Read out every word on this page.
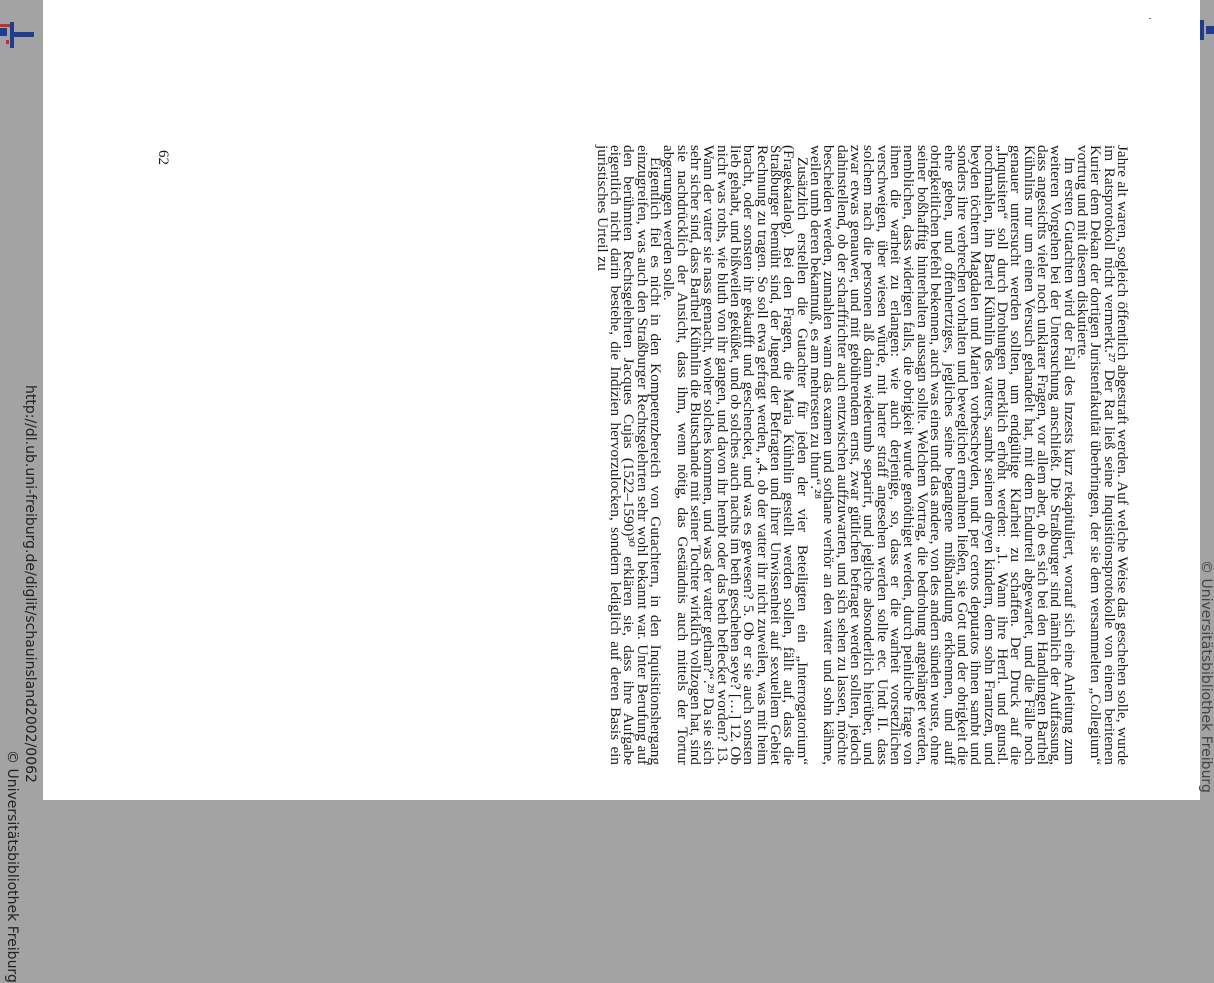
http://dl.ub.uni-freiburg.de/diglit/schauinsland2002/0062
© Universitätsbibliothek Freiburg

Jahre alt waren, sogleich öffentlich abgestraft werden. Auf welche Weise das geschehen solle, wurde im Ratsprotokoll nicht vermerkt.²⁷ Der Rat ließ seine Inquisitionsprotokolle von einem beritenen Kurier dem Dekan der dortigen Juristenfakultät überbringen, der sie dem versammelten „Collegium“ vortrug und mit diesem diskutierte.

Im ersten Gutachten wird der Fall des Inzests kurz rekapituliert, worauf sich eine Anleitung zum weiteren Vorgehen bei der Untersuchung anschließt. Die Straßburger sind nämlich der Auffassung, dass angesichts vieler noch unklarer Fragen, vor allem aber, ob es sich bei den Handlungen Barthel Kühnlins nur um einen Versuch gehandelt hat, mit dem Endurteil abgewartet, und die Fälle noch genauer untersucht werden sollten, um endgültige Klarheit zu schaffen. Der Druck auf die „Inquisiten“ soll durch Drohungen merklich erhöht werden: „1. Wann ihre Herrl. und gunstl. nochmahlen, ihn Bartel Kühnlin des vatters, sambt seinen dreyen kindern, dem sohn Frantzen, und beyden töchtern Magdalen und Marien vorbescheyden, undt per certos deputatos ihnen sambt und sonders ihre verbrechen vorhalten und beweglichen ermahnen ließen, sie Gott und der obrigkeit die ehre geben, und offenhertziges, jegliches seine begangene mißhandlung erkhennen, und auff obrigkeitlichen befehl bekennen, auch was eines undt das andere, von des andern sünden wuste, ohne seiner boßhafftig hinterhalten aussagn sollte. Welchem Vortrag, die bedrohung angehänget werden, nemblichen, dass widerigen falls, die obrigkeit wurde genöthiget werden, durch peinliche frage von ihnen die warheit zu erlangen: wie auch derjenige, so, dass er die warheit vorsetzlichen verschweigen, über wiesen würde, mit harter straff angesehen werden sollte etc. Undt II. dass solchem nach die personen alß dann wiederumb separirt, und jegliche absonderlich hierüber, und zwar etwas genauwer, und mit gebührendem ernst, zwar gütlichen befraget werden sollten, jedoch dahinstellend, ob der scharffrichter auch entzwischen auffzuwarten, und sich sehen zu lassen, möchte bescheiden werden, zumahlen wann das examen und sothane verhör an den vatter und sohn kähme, weilen umb deren bekantnuß, es am mehresten zu thun“.²⁸

Zusätzlich erstellen die Gutachter für jeden der vier Beteiligten ein „Interrogatorium“ (Fragekatalog). Bei den Fragen, die Maria Kühnlin gestellt werden sollen, fällt auf, dass die Straßburger bemüht sind, der Jugend der Befragten und ihrer Unwissenheit auf sexuellem Gebiet Rechnung zu tragen. So soll etwa gefragt werden, „4. ob der vatter ihr nicht zuweilen, was mit heim bracht, oder sonsten ihr gekaufft und geschencket, und was es gewesen? 5. Ob er sie auch sonsten lieb gehabt, und bißweilen geküßet, und ob solches auch nachts im beth geschehen seye? […] 12. Ob nicht was roths, wie bluth von ihr gangen, und davon ihr hembt oder das beth beflecket worden? 13. Wann der vatter sie nass gemacht, woher solches kommen, und was der vatter gethan?“.²⁹ Da sie sich sehr sicher sind, dass Barthel Kühnlin die Blutschande mit seiner Tochter wirklich vollzogen hat, sind sie nachdrücklich der Ansicht, dass ihm, wenn nötig, das Geständnis auch mittels der Tortur abgerungen werden solle.

Eigentlich fiel es nicht in den Kompetenzbereich von Gutachtern, in den Inquisitionshergang einzugreifen, was auch den Straßburger Rechtsgelehrten sehr wohl bekannt war. Unter Berufung auf den berühmten Rechtsgelehrten Jacques Cujas (1522–1590)³⁰ erklären sie, dass ihre Aufgabe eigentlich nicht darin bestehe, die Indizien hervorzulocken, sondern lediglich auf deren Basis ein juristisches Urteil zu

62
© Universitätsbibliothek Freiburg
